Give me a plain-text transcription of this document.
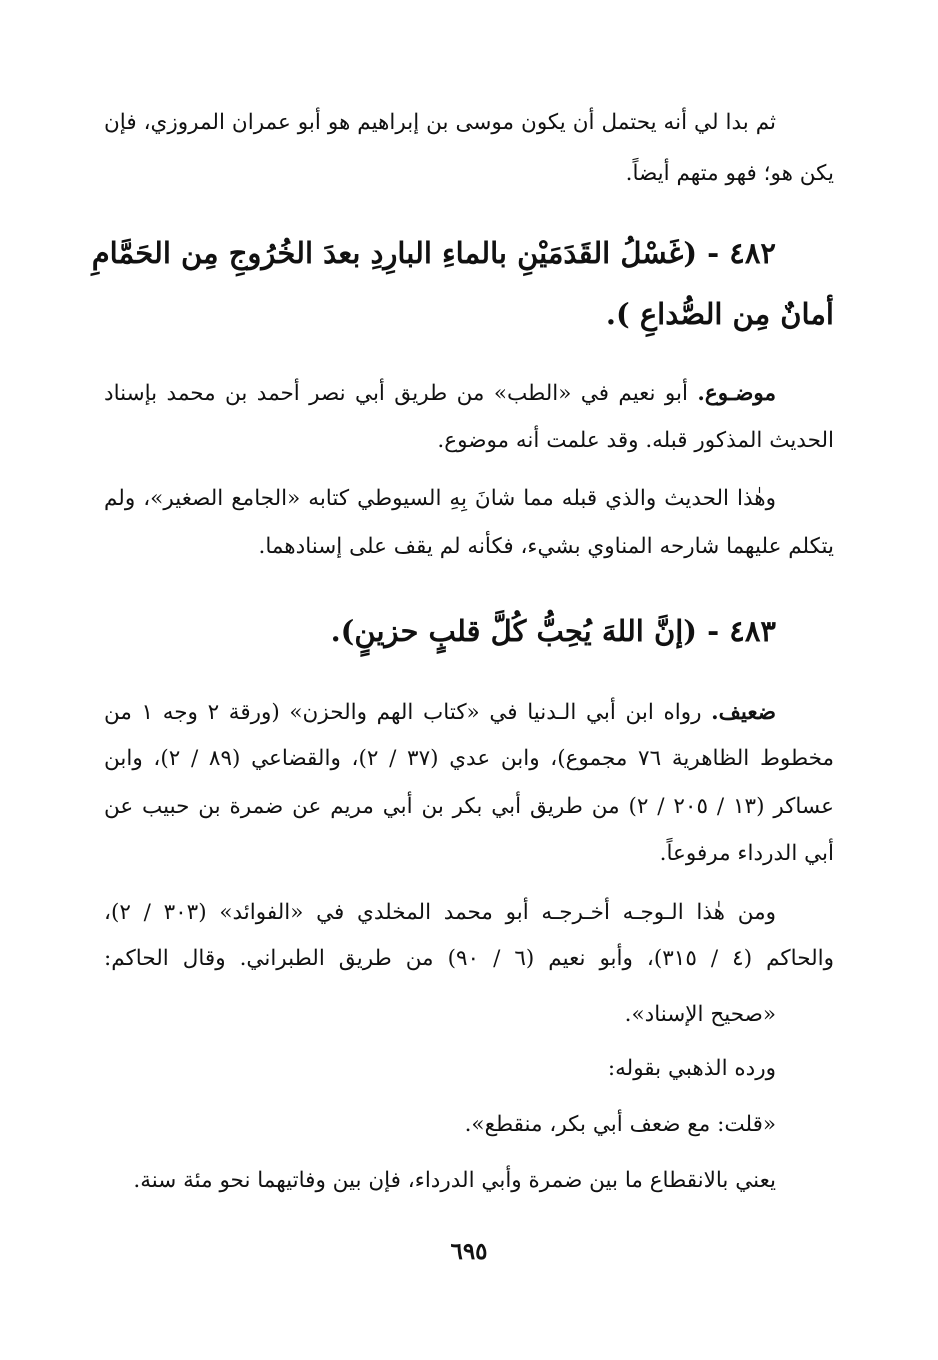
ثم بدا لي أنه يحتمل أن يكون موسى بن إبراهيم هو أبو عمران المروزي، فإن

يكن هو؛ فهو متهم أيضاً.

٤٨٢ - (غَسْلُ القَدَمَيْنِ بالماءِ البارِدِ بعدَ الخُرُوجِ مِن الحَمَّامِ
أمانٌ مِن الصُّداعِ ).

موضـوع. أبو نعيم في «الطب» من طريق أبي نصر أحمد بن محمد بإسناد

الحديث المذكور قبله. وقد علمت أنه موضوع.

وهٰذا الحديث والذي قبله مما شانَ بِهِ السيوطي كتابه «الجامع الصغير»، ولم

يتكلم عليهما شارحه المناوي بشيء، فكأنه لم يقف على إسنادهما.

٤٨٣ - (إنَّ اللهَ يُحِبُّ كُلَّ قلبٍ حزينٍ).

ضعيف. رواه ابن أبي الـدنيا في «كتاب الهم والحزن» (ورقة ٢ وجه ١ من

مخطوط الظاهرية ٧٦ مجموع)، وابن عدي (٣٧ / ٢)، والقضاعي (٨٩ / ٢)، وابن

عساكر (١٣ / ٢٠٥ / ٢) من طريق أبي بكر بن أبي مريم عن ضمرة بن حبيب عن

أبي الدرداء مرفوعاً.

ومن هٰذا الـوجـه أخـرجـه أبو محمد المخلدي في «الفوائد» (٣٠٣ / ٢)،

والحاكم (٤ / ٣١٥)، وأبو نعيم (٦ / ٩٠) من طريق الطبراني. وقال الحاكم:

«صحيح الإسناد».

ورده الذهبي بقوله:

«قلت: مع ضعف أبي بكر، منقطع».

يعني بالانقطاع ما بين ضمرة وأبي الدرداء، فإن بين وفاتيهما نحو مئة سنة.

٦٩٥
